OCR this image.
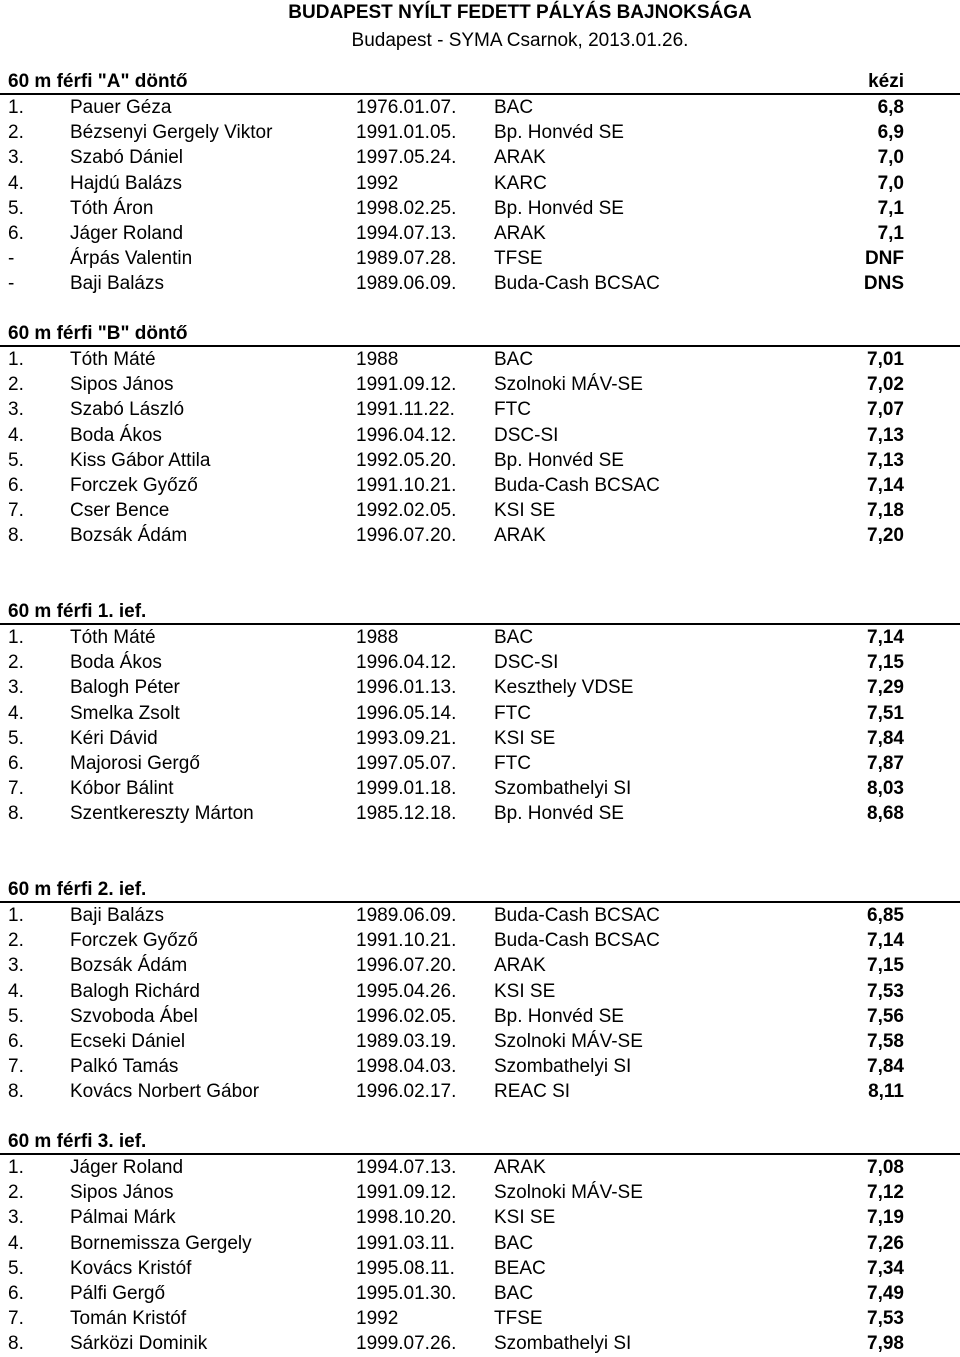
BUDAPEST NYÍLT FEDETT PÁLYÁS BAJNOKSÁGA
Budapest - SYMA Csarnok, 2013.01.26.
60 m férfi "A" döntő	kézi
1. Pauer Géza	1976.01.07. BAC	6,8
2. Bézsenyi Gergely Viktor	1991.01.05. Bp. Honvéd SE	6,9
3. Szabó Dániel	1997.05.24. ARAK	7,0
4. Hajdú Balázs	1992	KARC	7,0
5. Tóth Áron	1998.02.25. Bp. Honvéd SE	7,1
6. Jáger Roland	1994.07.13. ARAK	7,1
-	Árpás Valentin	1989.07.28. TFSE	DNF
-	Baji Balázs	1989.06.09. Buda-Cash BCSAC	DNS
60 m férfi "B" döntő
1. Tóth Máté	1988	BAC	7,01
2. Sipos János	1991.09.12. Szolnoki MÁV-SE	7,02
3. Szabó László	1991.11.22. FTC	7,07
4. Boda Ákos	1996.04.12. DSC-SI	7,13
5. Kiss Gábor Attila	1992.05.20. Bp. Honvéd SE	7,13
6. Forczek Győző	1991.10.21. Buda-Cash BCSAC	7,14
7. Cser Bence	1992.02.05. KSI SE	7,18
8. Bozsák Ádám	1996.07.20. ARAK	7,20
60 m férfi 1. ief.
1. Tóth Máté	1988	BAC	7,14
2. Boda Ákos	1996.04.12. DSC-SI	7,15
3. Balogh Péter	1996.01.13. Keszthely VDSE	7,29
4. Smelka Zsolt	1996.05.14. FTC	7,51
5. Kéri Dávid	1993.09.21. KSI SE	7,84
6. Majorosi Gergő	1997.05.07. FTC	7,87
7. Kóbor Bálint	1999.01.18. Szombathelyi SI	8,03
8. Szentkereszty Márton	1985.12.18. Bp. Honvéd SE	8,68
60 m férfi 2. ief.
1. Baji Balázs	1989.06.09. Buda-Cash BCSAC	6,85
2. Forczek Győző	1991.10.21. Buda-Cash BCSAC	7,14
3. Bozsák Ádám	1996.07.20. ARAK	7,15
4. Balogh Richárd	1995.04.26. KSI SE	7,53
5. Szvoboda Ábel	1996.02.05. Bp. Honvéd SE	7,56
6. Ecseki Dániel	1989.03.19. Szolnoki MÁV-SE	7,58
7. Palkó Tamás	1998.04.03. Szombathelyi SI	7,84
8. Kovács Norbert Gábor	1996.02.17. REAC SI	8,11
60 m férfi 3. ief.
1. Jáger Roland	1994.07.13. ARAK	7,08
2. Sipos János	1991.09.12. Szolnoki MÁV-SE	7,12
3. Pálmai Márk	1998.10.20. KSI SE	7,19
4. Bornemissza Gergely	1991.03.11. BAC	7,26
5. Kovács Kristóf	1995.08.11. BEAC	7,34
6. Pálfi Gergő	1995.01.30. BAC	7,49
7. Tomán Kristóf	1992	TFSE	7,53
8. Sárközi Dominik	1999.07.26. Szombathelyi SI	7,98
